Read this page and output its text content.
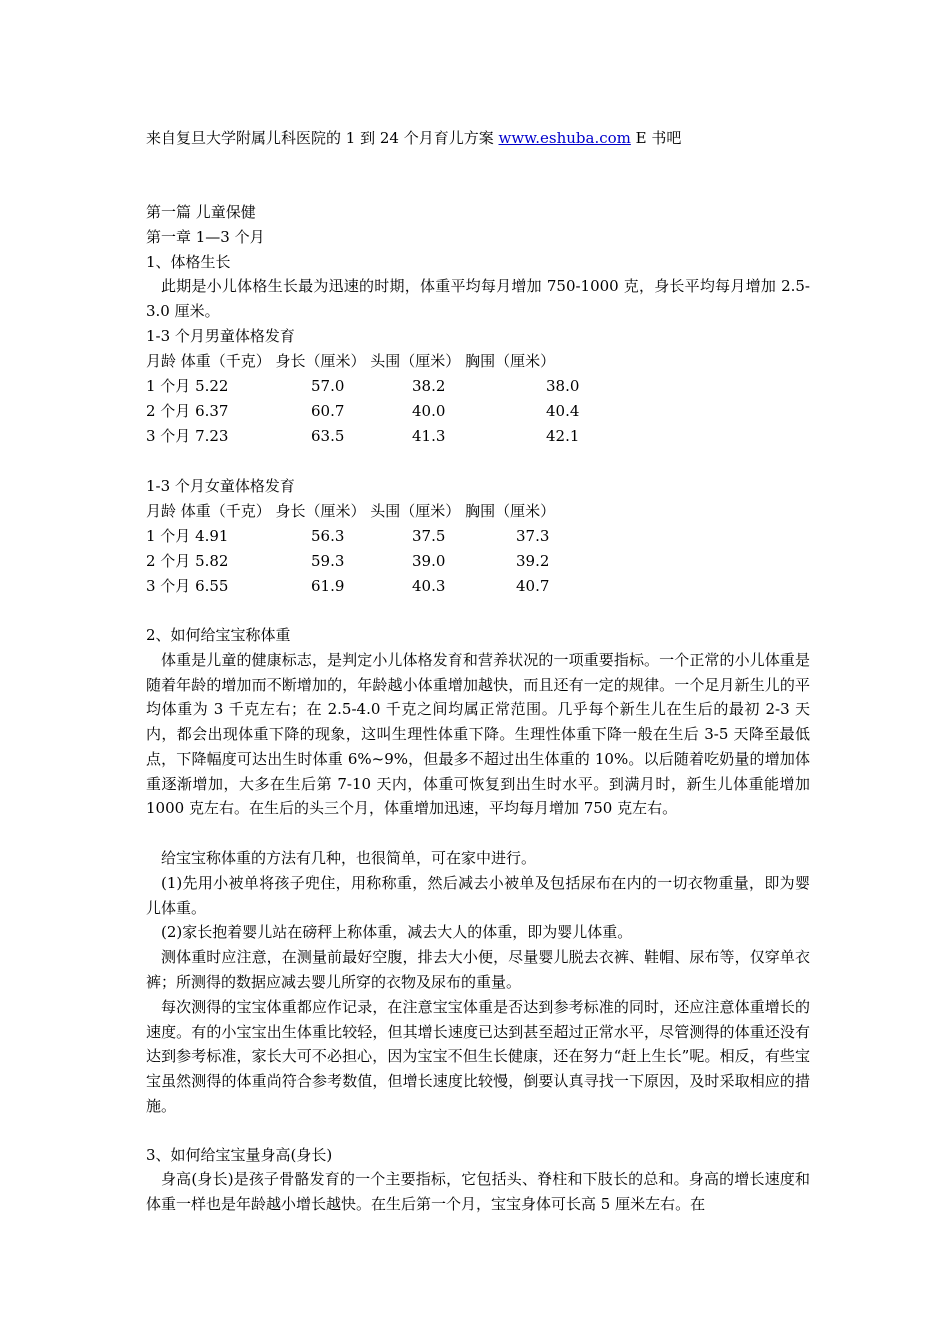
来自复旦大学附属儿科医院的 1 到 24 个月育儿方案 www.eshuba.com E 书吧
第一篇 儿童保健
第一章 1—3 个月
1、体格生长

此期是小儿体格生长最为迅速的时期，体重平均每月增加 750-1000 克，身长平均每月增加 2.5-3.0 厘米。

1-3 个月男童体格发育
月龄 体重（千克） 身长（厘米） 头围（厘米） 胸围（厘米）
1 个月 5.22	57.0	38.2	38.0
2 个月 6.37	60.7	40.0	40.4
3 个月 7.23	63.5	41.3	42.1
1-3 个月女童体格发育
月龄 体重（千克） 身长（厘米） 头围（厘米） 胸围（厘米）
1 个月 4.91	56.3	37.5	37.3
2 个月 5.82	59.3	39.0	39.2
3 个月 6.55	61.9	40.3	40.7
2、如何给宝宝称体重

体重是儿童的健康标志，是判定小儿体格发育和营养状况的一项重要指标。一个正常的小儿体重是随着年龄的增加而不断增加的，年龄越小体重增加越快，而且还有一定的规律。一个足月新生儿的平均体重为 3 千克左右；在 2.5-4.0 千克之间均属正常范围。几乎每个新生儿在生后的最初 2-3 天内，都会出现体重下降的现象，这叫生理性体重下降。生理性体重下降一般在生后 3-5 天降至最低点，下降幅度可达出生时体重 6%~9%，但最多不超过出生体重的 10%。以后随着吃奶量的增加体重逐渐增加，大多在生后第 7-10 天内，体重可恢复到出生时水平。到满月时，新生儿体重能增加 1000 克左右。在生后的头三个月，体重增加迅速，平均每月增加 750 克左右。

给宝宝称体重的方法有几种，也很简单，可在家中进行。

(1)先用小被单将孩子兜住，用称称重，然后减去小被单及包括尿布在内的一切衣物重量，即为婴儿体重。

(2)家长抱着婴儿站在磅秤上称体重，减去大人的体重，即为婴儿体重。

测体重时应注意，在测量前最好空腹，排去大小便，尽量婴儿脱去衣裤、鞋帽、尿布等，仅穿单衣裤；所测得的数据应减去婴儿所穿的衣物及尿布的重量。

每次测得的宝宝体重都应作记录，在注意宝宝体重是否达到参考标准的同时，还应注意体重增长的速度。有的小宝宝出生体重比较轻，但其增长速度已达到甚至超过正常水平，尽管测得的体重还没有达到参考标准，家长大可不必担心，因为宝宝不但生长健康，还在努力“赶上生长”呢。相反，有些宝宝虽然测得的体重尚符合参考数值，但增长速度比较慢，倒要认真寻找一下原因，及时采取相应的措施。

3、如何给宝宝量身高(身长)

身高(身长)是孩子骨骼发育的一个主要指标，它包括头、脊柱和下肢长的总和。身高的增长速度和体重一样也是年龄越小增长越快。在生后第一个月，宝宝身体可长高 5 厘米左右。在
